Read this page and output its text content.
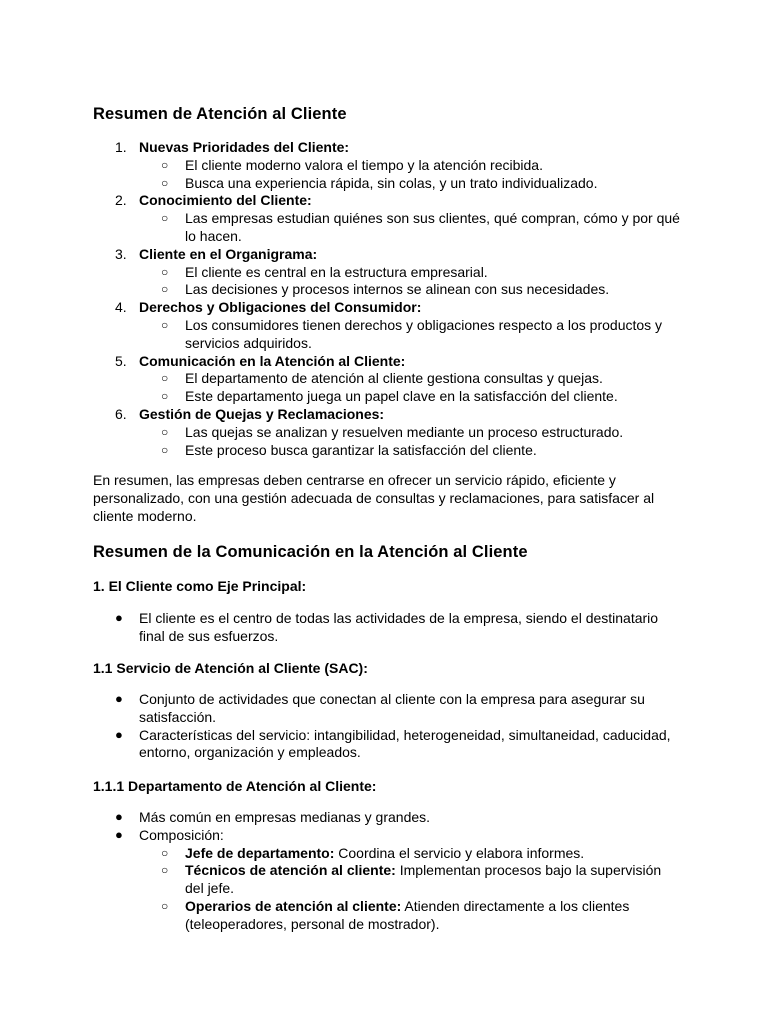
Resumen de Atención al Cliente
1. Nuevas Prioridades del Cliente:
○ El cliente moderno valora el tiempo y la atención recibida.
○ Busca una experiencia rápida, sin colas, y un trato individualizado.
2. Conocimiento del Cliente:
○ Las empresas estudian quiénes son sus clientes, qué compran, cómo y por qué lo hacen.
3. Cliente en el Organigrama:
○ El cliente es central en la estructura empresarial.
○ Las decisiones y procesos internos se alinean con sus necesidades.
4. Derechos y Obligaciones del Consumidor:
○ Los consumidores tienen derechos y obligaciones respecto a los productos y servicios adquiridos.
5. Comunicación en la Atención al Cliente:
○ El departamento de atención al cliente gestiona consultas y quejas.
○ Este departamento juega un papel clave en la satisfacción del cliente.
6. Gestión de Quejas y Reclamaciones:
○ Las quejas se analizan y resuelven mediante un proceso estructurado.
○ Este proceso busca garantizar la satisfacción del cliente.

En resumen, las empresas deben centrarse en ofrecer un servicio rápido, eficiente y personalizado, con una gestión adecuada de consultas y reclamaciones, para satisfacer al cliente moderno.

Resumen de la Comunicación en la Atención al Cliente
1. El Cliente como Eje Principal:
● El cliente es el centro de todas las actividades de la empresa, siendo el destinatario final de sus esfuerzos.
1.1 Servicio de Atención al Cliente (SAC):
● Conjunto de actividades que conectan al cliente con la empresa para asegurar su satisfacción.
● Características del servicio: intangibilidad, heterogeneidad, simultaneidad, caducidad, entorno, organización y empleados.
1.1.1 Departamento de Atención al Cliente:
● Más común en empresas medianas y grandes.
● Composición:
○ Jefe de departamento: Coordina el servicio y elabora informes.
○ Técnicos de atención al cliente: Implementan procesos bajo la supervisión del jefe.
○ Operarios de atención al cliente: Atienden directamente a los clientes (teleoperadores, personal de mostrador).
